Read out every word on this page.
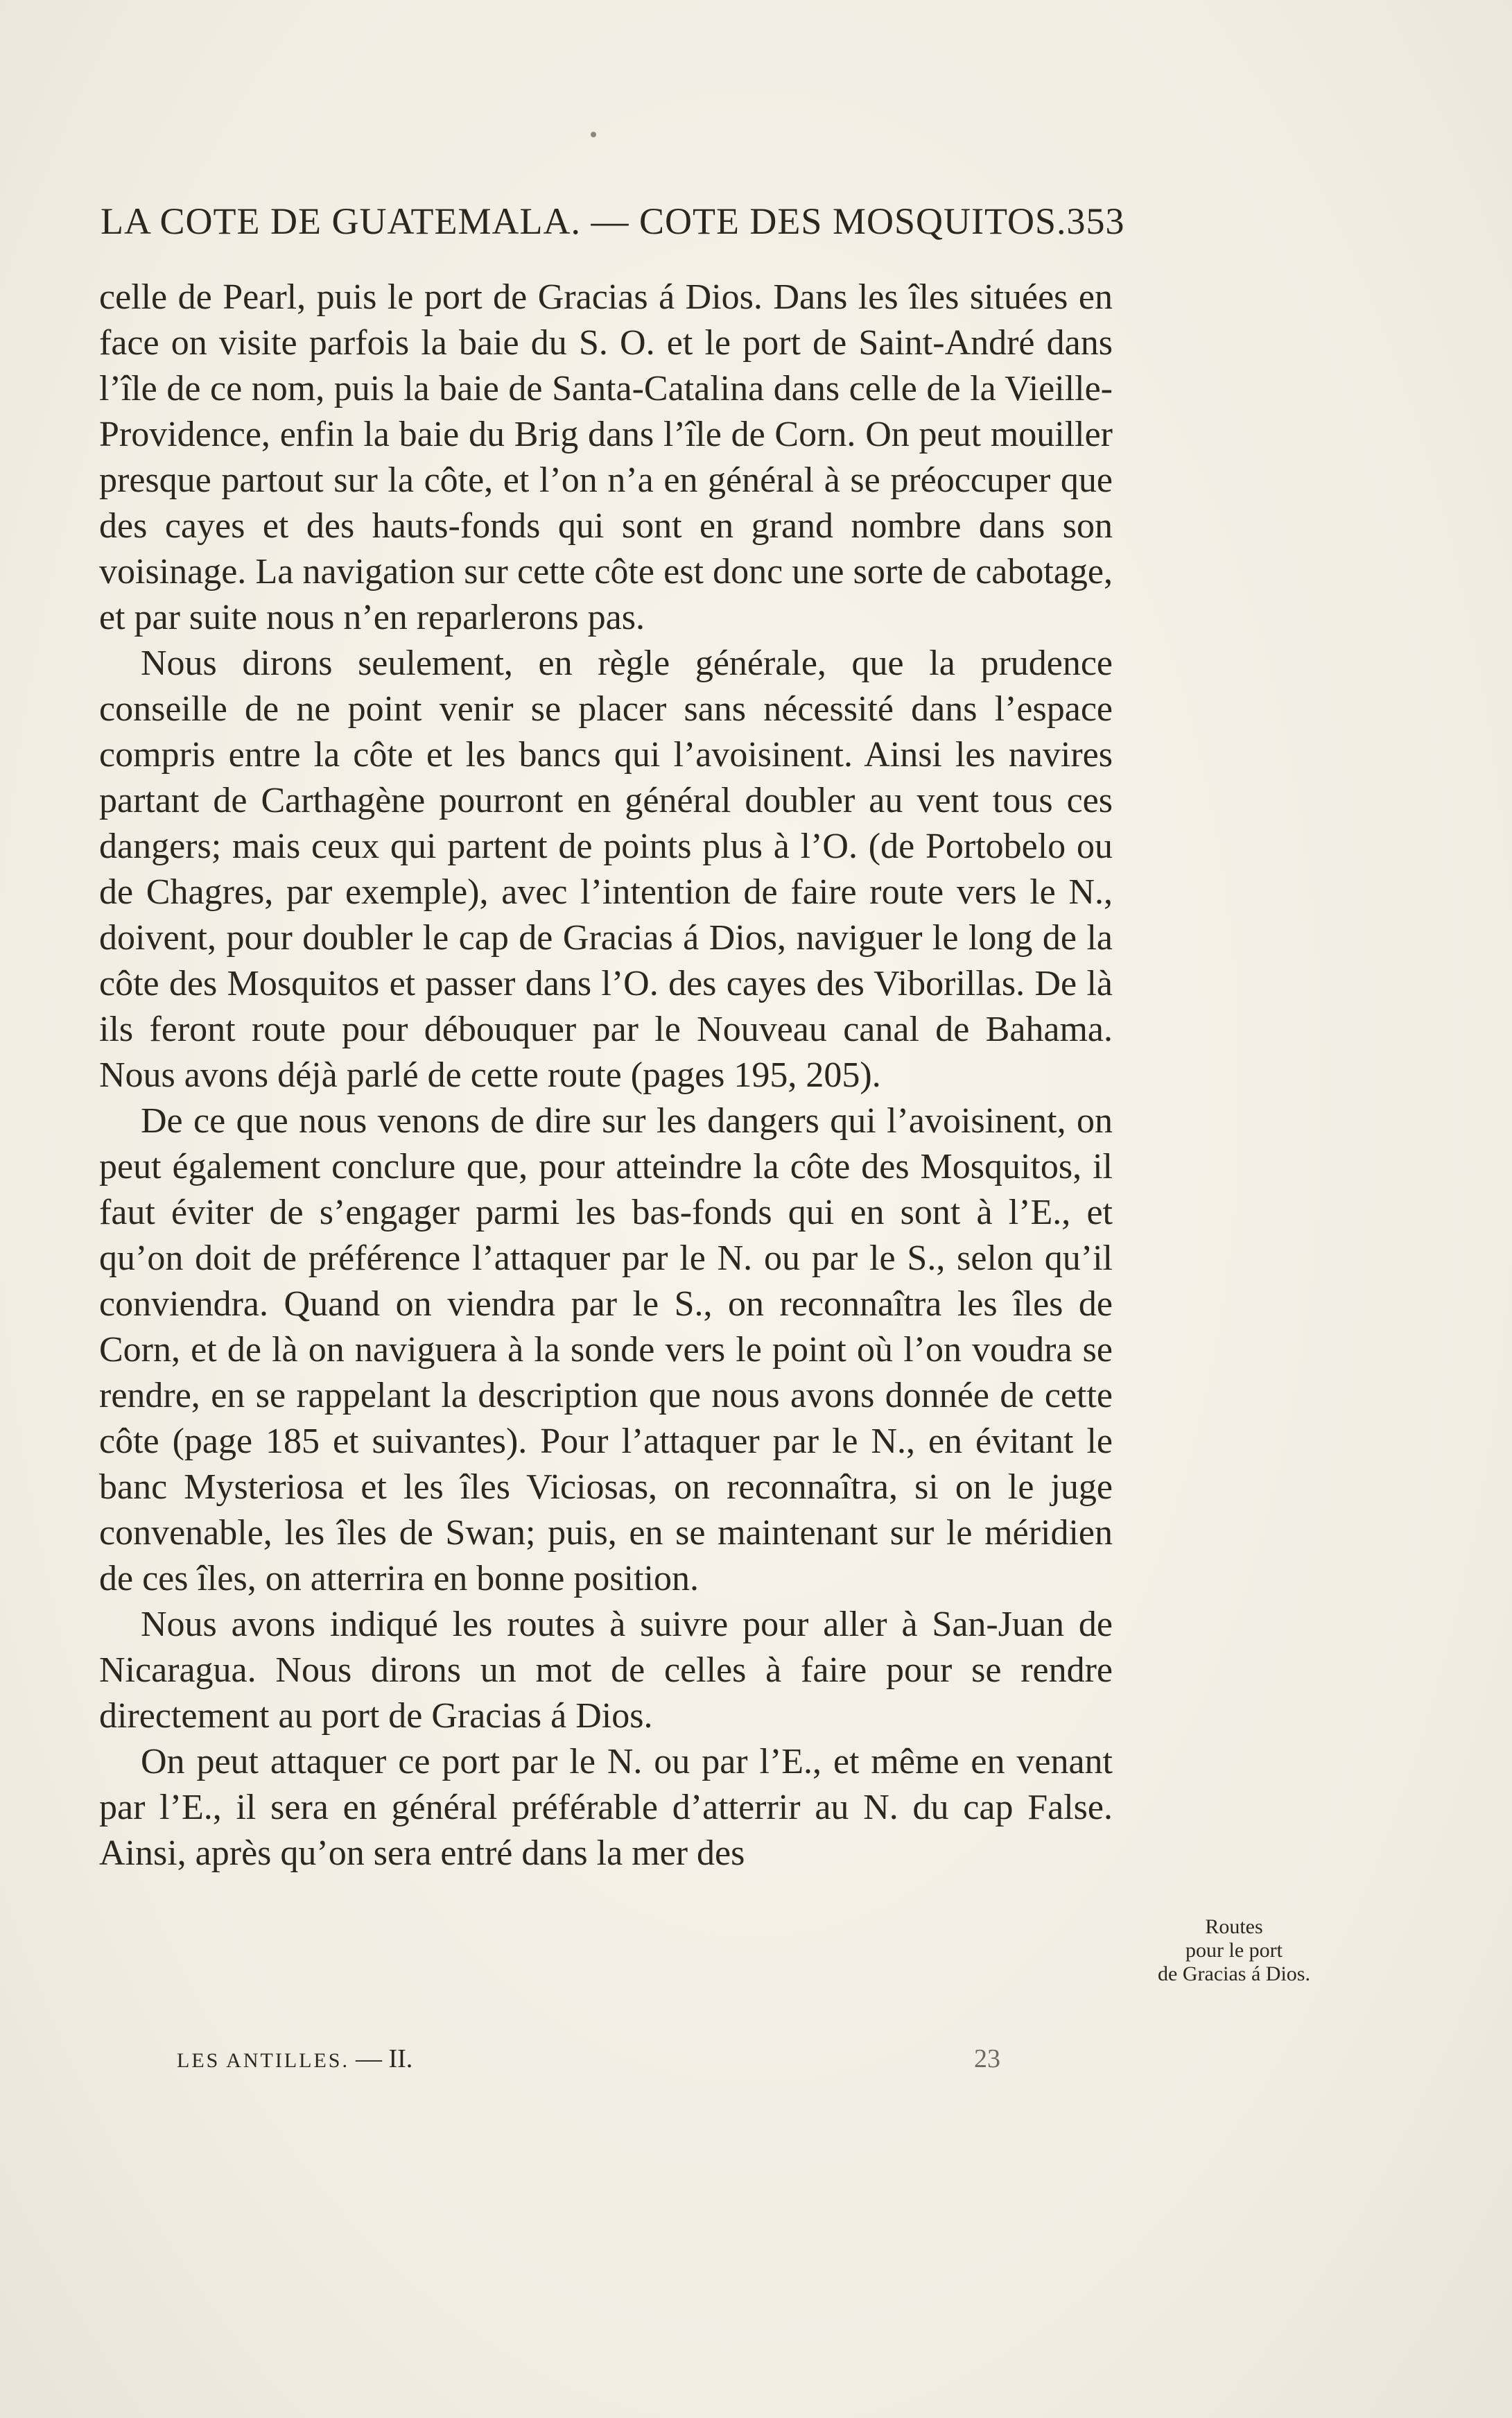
LA COTE DE GUATEMALA. — COTE DES MOSQUITOS. 353

celle de Pearl, puis le port de Gracias á Dios. Dans les îles situées en face on visite parfois la baie du S. O. et le port de Saint-André dans l’île de ce nom, puis la baie de Santa-Catalina dans celle de la Vieille-Providence, enfin la baie du Brig dans l’île de Corn. On peut mouiller presque partout sur la côte, et l’on n’a en général à se préoccuper que des cayes et des hauts-fonds qui sont en grand nombre dans son voisinage. La navigation sur cette côte est donc une sorte de cabotage, et par suite nous n’en reparlerons pas.

Nous dirons seulement, en règle générale, que la prudence conseille de ne point venir se placer sans nécessité dans l’espace compris entre la côte et les bancs qui l’avoisinent. Ainsi les navires partant de Carthagène pourront en général doubler au vent tous ces dangers; mais ceux qui partent de points plus à l’O. (de Portobelo ou de Chagres, par exemple), avec l’intention de faire route vers le N., doivent, pour doubler le cap de Gracias á Dios, naviguer le long de la côte des Mosquitos et passer dans l’O. des cayes des Viborillas. De là ils feront route pour débouquer par le Nouveau canal de Bahama. Nous avons déjà parlé de cette route (pages 195, 205).

De ce que nous venons de dire sur les dangers qui l’avoisinent, on peut également conclure que, pour atteindre la côte des Mosquitos, il faut éviter de s’engager parmi les bas-fonds qui en sont à l’E., et qu’on doit de préférence l’attaquer par le N. ou par le S., selon qu’il conviendra. Quand on viendra par le S., on reconnaîtra les îles de Corn, et de là on naviguera à la sonde vers le point où l’on voudra se rendre, en se rappelant la description que nous avons donnée de cette côte (page 185 et suivantes). Pour l’attaquer par le N., en évitant le banc Mysteriosa et les îles Viciosas, on reconnaîtra, si on le juge convenable, les îles de Swan; puis, en se maintenant sur le méridien de ces îles, on atterrira en bonne position.

Nous avons indiqué les routes à suivre pour aller à San-Juan de Nicaragua. Nous dirons un mot de celles à faire pour se rendre directement au port de Gracias á Dios.

On peut attaquer ce port par le N. ou par l’E., et même en venant par l’E., il sera en général préférable d’atterrir au N. du cap False. Ainsi, après qu’on sera entré dans la mer des

Routes
pour le port
de Gracias á Dios.
LES ANTILLES. — II.	23
